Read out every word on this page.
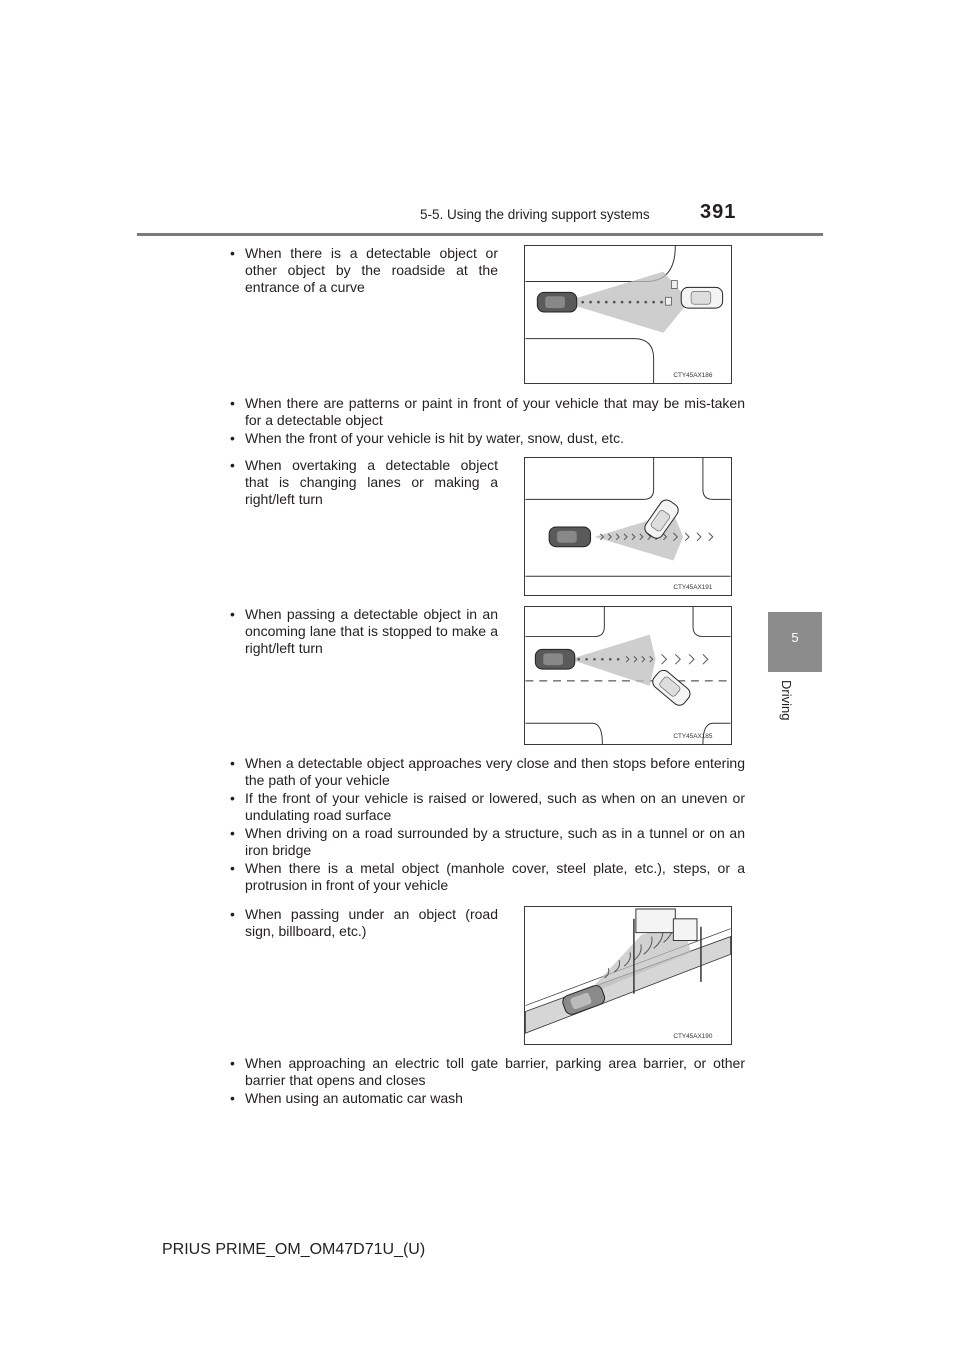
5-5. Using the driving support systems	391
5
Driving
• When there is a detectable object or other object by the roadside at the entrance of a curve
CTY45AX186
• When there are patterns or paint in front of your vehicle that may be mis-taken for a detectable object
• When the front of your vehicle is hit by water, snow, dust, etc.
• When overtaking a detectable object that is changing lanes or making a right/left turn
CTY45AX191
• When passing a detectable object in an oncoming lane that is stopped to make a right/left turn
CTY45AX185
• When a detectable object approaches very close and then stops before entering the path of your vehicle
• If the front of your vehicle is raised or lowered, such as when on an uneven or undulating road surface
• When driving on a road surrounded by a structure, such as in a tunnel or on an iron bridge
• When there is a metal object (manhole cover, steel plate, etc.), steps, or a protrusion in front of your vehicle
• When passing under an object (road sign, billboard, etc.)
CTY45AX190
• When approaching an electric toll gate barrier, parking area barrier, or other barrier that opens and closes
• When using an automatic car wash
PRIUS PRIME_OM_OM47D71U_(U)
